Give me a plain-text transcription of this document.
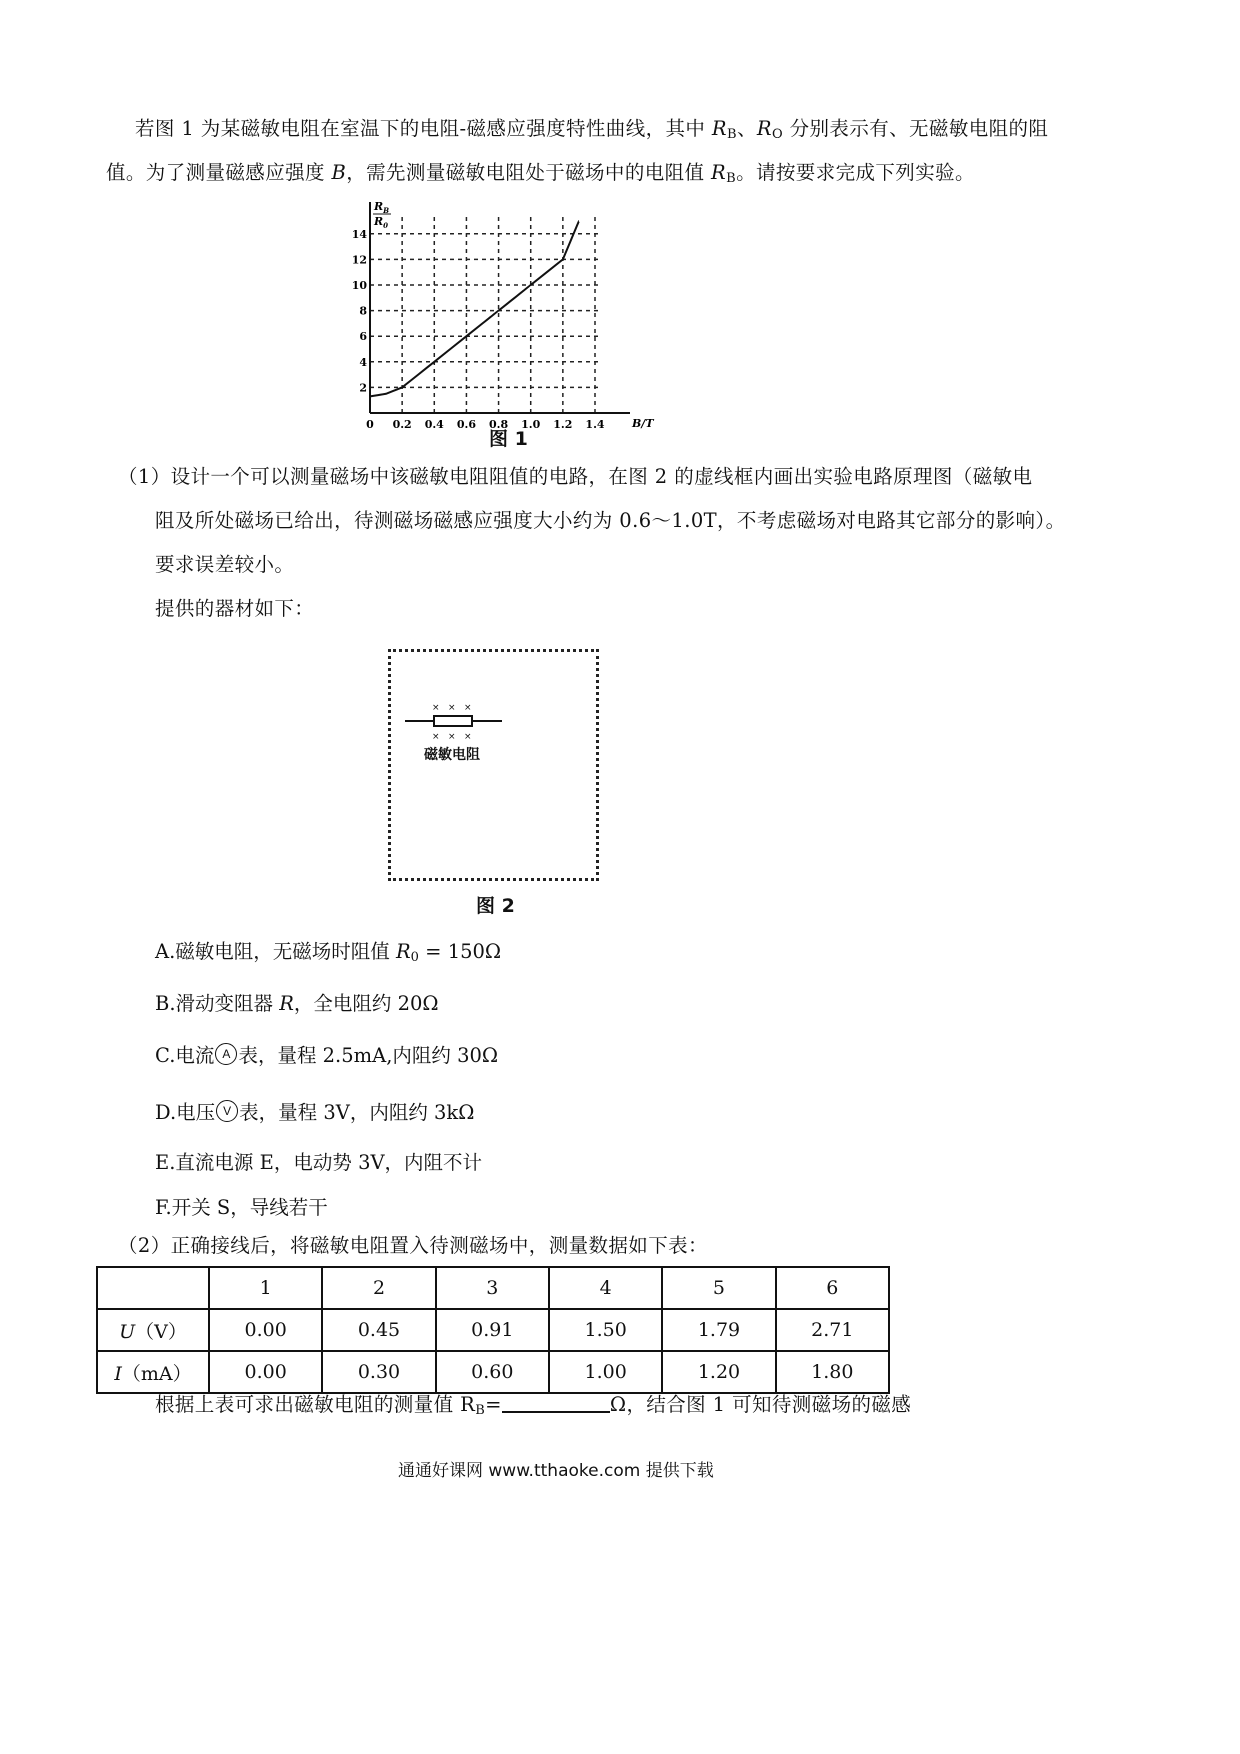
若图 1 为某磁敏电阻在室温下的电阻-磁感应强度特性曲线，其中 $R_B$、$R_O$ 分别表示有、无磁敏电阻的阻
值。为了测量磁感应强度 B，需先测量磁敏电阻处于磁场中的电阻值 $R_B$。请按要求完成下列实验。
2
4
6
8
10
12
14
0 0.2 0.4 0.6 0.8 1.0 1.2 1.4
$R_B$
$R_0$
B/T
图 1
（1）设计一个可以测量磁场中该磁敏电阻阻值的电路，在图 2 的虚线框内画出实验电路原理图（磁敏电
阻及所处磁场已给出，待测磁场磁感应强度大小约为 0.6～1.0T，不考虑磁场对电路其它部分的影响）。
要求误差较小。
提供的器材如下：
× × ×
× × ×
磁敏电阻
图 2
A.磁敏电阻，无磁场时阻值 $R_0 = 150\Omega$
B.滑动变阻器 R，全电阻约 20Ω
C.电流 A 表，量程 2.5mA,内阻约 30Ω
D.电压 V 表，量程 3V，内阻约 3kΩ
E.直流电源 E，电动势 3V，内阻不计
F.开关 S，导线若干
（2）正确接线后，将磁敏电阻置入待测磁场中，测量数据如下表：
	1	2	3	4	5	6
U（V）	0.00	0.45	0.91	1.50	1.79	2.71
I（mA）	0.00	0.30	0.60	1.00	1.20	1.80
根据上表可求出磁敏电阻的测量值 $R_B=$	Ω，结合图 1 可知待测磁场的磁感
通通好课网 www.tthaoke.com 提供下载
